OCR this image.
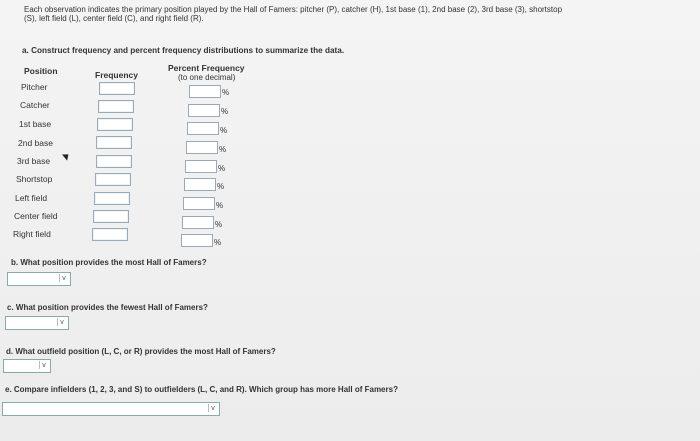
Each observation indicates the primary position played by the Hall of Famers: pitcher (P), catcher (H), 1st base (1), 2nd base (2), 3rd base (3), shortstop
(S), left field (L), center field (C), and right field (R).
a. Construct frequency and percent frequency distributions to summarize the data.
Position	Frequency
Percent Frequency
(to one decimal)
Pitcher
%
Catcher
%
1st base
%
2nd base
%
3rd base
%
Shortstop
%
Left field
%
Center field
%
Right field
%
b. What position provides the most Hall of Famers?
v
c. What position provides the fewest Hall of Famers?
v
d. What outfield position (L, C, or R) provides the most Hall of Famers?
v
e. Compare infielders (1, 2, 3, and S) to outfielders (L, C, and R). Which group has more Hall of Famers?
v
